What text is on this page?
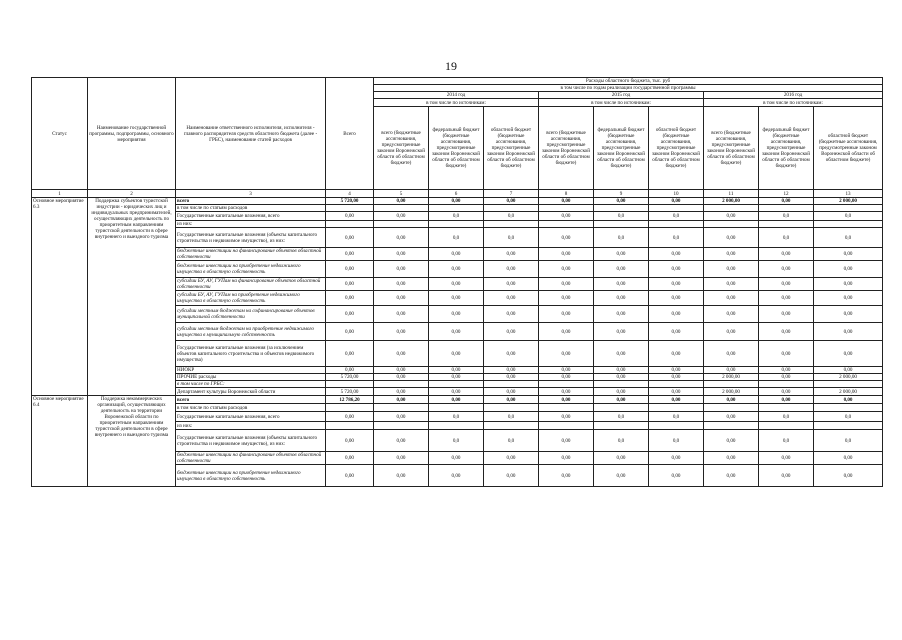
19
Статус	Наименование государственной программы, подпрограммы, основного мероприятия	Наименование ответственного исполнителя, исполнителя - главного распорядителя средств областного бюджета (далее - ГРБС), наименование статей расходов	Всего	Расходы областного бюджета, тыс. руб								
				в том числе по годам реализации государственной программы								
				2014 год			2015 год			2016 год		
				в том числе по источникам:			в том числе по источникам:			в том числе по источникам:		
				всего (бюджетные ассигнования, предусмотренные законом Воронежской области об областном бюджете)	федеральный бюджет (бюджетные ассигнования, предусмотренные законом Воронежской области об областном бюджете)	областной бюджет (бюджетные ассигнования, предусмотренные законом Воронежской области об областном бюджете)	всего (бюджетные ассигнования, предусмотренные законом Воронежской области об областном бюджете)	федеральный бюджет (бюджетные ассигнования, предусмотренные законом Воронежской области об областном бюджете)	областной бюджет (бюджетные ассигнования, предусмотренные законом Воронежской области об областном бюджете)	всего (бюджетные ассигнования, предусмотренные законом Воронежской области об областном бюджете)	федеральный бюджет (бюджетные ассигнования, предусмотренные законом Воронежской области об областном бюджете)	областной бюджет (бюджетные ассигнования, предусмотренные законом Воронежской области об областном бюджете)
1	2	3	4	5	6	7	8	9	10	11	12	13
Основное мероприятие 6.3	Поддержка субъектов туристской индустрии - юридических лиц и индивидуальных предпринимателей, осуществляющих деятельность по приоритетным направлениям туристской деятельности в сфере внутреннего и выездного туризма	всего	5 720,00	0,00	0,00	0,00	0,00	0,00	0,00	2 000,00	0,00	2 000,00
		в том числе по статьям расходов										
		Государственные капитальные вложения, всего	0,00	0,00	0,0	0,0	0,00	0,0	0,0	0,00	0,0	0,0
		из них:										
		Государственные капитальные вложения (объекты капитального строительства и недвижимое имущество), из них:	0,00	0,00	0,0	0,0	0,00	0,0	0,0	0,00	0,0	0,0
		бюджетные инвестиции на финансирование объектов областной собственности	0,00	0,00	0,00	0,00	0,00	0,00	0,00	0,00	0,00	0,00
		бюджетные инвестиции на приобретение недвижимого имущества в областную собственность	0,00	0,00	0,00	0,00	0,00	0,00	0,00	0,00	0,00	0,00
		субсидии БУ, АУ, ГУПам на финансирование объектов областной собственности	0,00	0,00	0,00	0,00	0,00	0,00	0,00	0,00	0,00	0,00
		субсидии БУ, АУ, ГУПам на приобретение недвижимого имущества в областную собственность	0,00	0,00	0,00	0,00	0,00	0,00	0,00	0,00	0,00	0,00
		субсидии местным бюджетам на софинансирование объектов муниципальной собственности	0,00	0,00	0,00	0,00	0,00	0,00	0,00	0,00	0,00	0,00
		субсидии местным бюджетам на приобретение недвижимого имущества в муниципальную собственность	0,00	0,00	0,00	0,00	0,00	0,00	0,00	0,00	0,00	0,00
		Государственные капитальные вложения (за исключением объектов капитального строительства и объектов недвижимого имущества)	0,00	0,00	0,00	0,00	0,00	0,00	0,00	0,00	0,00	0,00
		НИОКР	0,00	0,00	0,00	0,00	0,00	0,00	0,00	0,00	0,00	0,00
		ПРОЧИЕ расходы	5 720,00	0,00	0,00	0,00	0,00	0,00	0,00	2 000,00	0,00	2 000,00
		в том числе по ГРБС:										
		Департамент культуры Воронежской области	5 720,00	0,00	0,00	0,00	0,00	0,00	0,00	2 000,00	0,00	2 000,00
Основное мероприятие 6.4	Поддержка некоммерческих организаций, осуществляющих деятельность на территории Воронежской области по приоритетным направлениям туристской деятельности в сфере внутреннего и выездного туризма	всего	12 786,20	0,00	0,00	0,00	0,00	0,00	0,00	0,00	0,00	0,00
		в том числе по статьям расходов										
		Государственные капитальные вложения, всего	0,00	0,00	0,0	0,0	0,00	0,0	0,0	0,00	0,0	0,0
		из них:										
		Государственные капитальные вложения (объекты капитального строительства и недвижимое имущество), из них:	0,00	0,00	0,0	0,0	0,00	0,0	0,0	0,00	0,0	0,0
		бюджетные инвестиции на финансирование объектов областной собственности	0,00	0,00	0,00	0,00	0,00	0,00	0,00	0,00	0,00	0,00
		бюджетные инвестиции на приобретение недвижимого имущества в областную собственность	0,00	0,00	0,00	0,00	0,00	0,00	0,00	0,00	0,00	0,00
